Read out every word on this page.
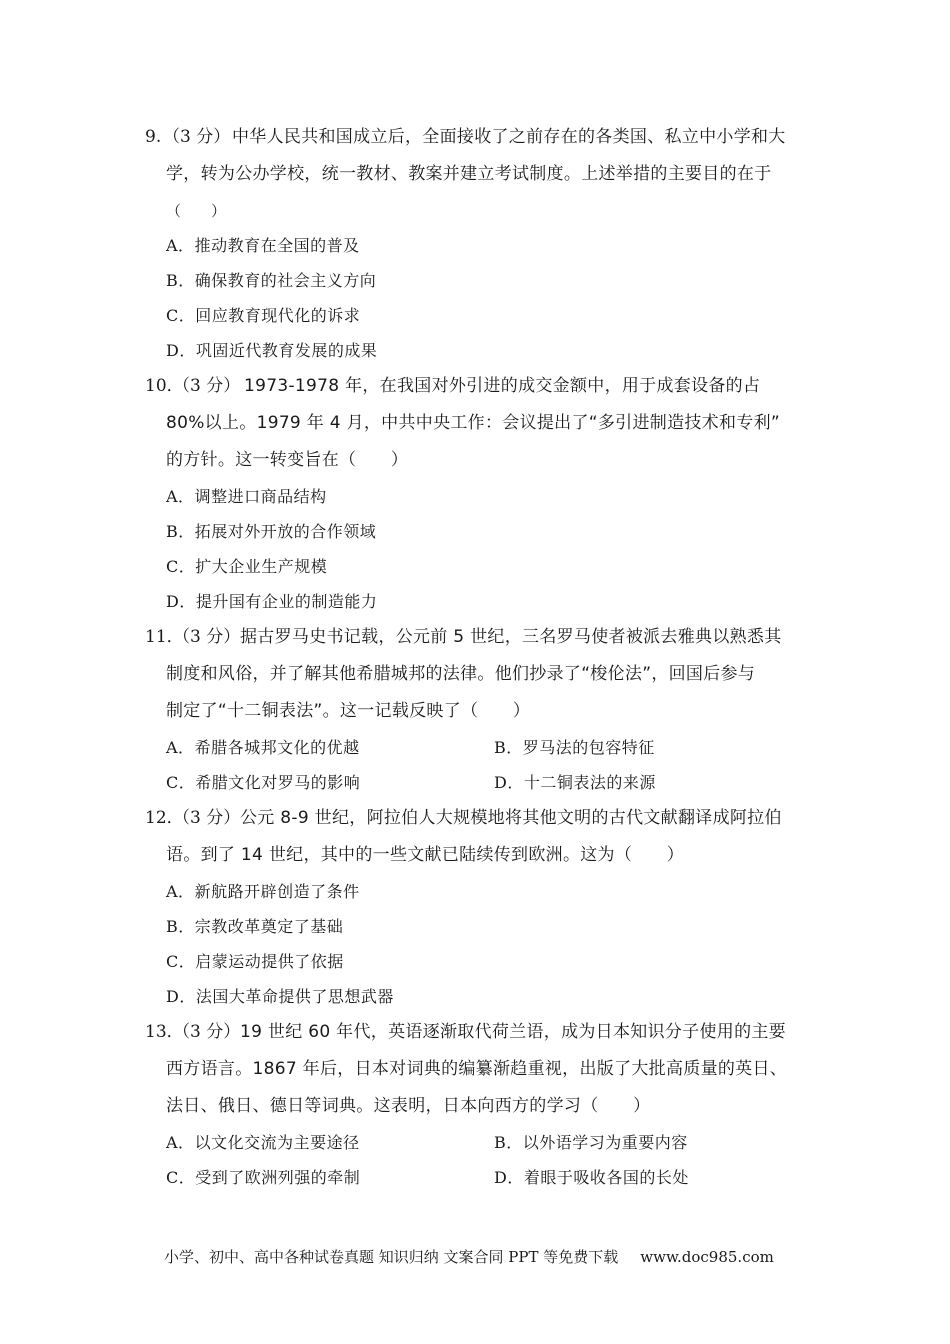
9. （3 分） 中华人民共和国成立后，全面接收了之前存在的各类国、私立中小学和大
学，转为公办学校，统一教材、教案并建立考试制度。上述举措的主要目的在于
（　　）
A．推动教育在全国的普及
B．确保教育的社会主义方向
C．回应教育现代化的诉求
D．巩固近代教育发展的成果
10．
（3 分） 1973-1978 年，在我国对外引进的成交金额中，用于成套设备的占
80%以上。1979 年 4 月，中共中央工作：会议提出了“多引进制造技术和专利”
的方针。这一转变旨在（　　）
A．调整进口商品结构
B．拓展对外开放的合作领域
C．扩大企业生产规模
D．提升国有企业的制造能力
11．
（3 分） 据古罗马史书记载，公元前 5 世纪，三名罗马使者被派去雅典以熟悉其
制度和风俗，并了解其他希腊城邦的法律。他们抄录了“梭伦法”，回国后参与
制定了“十二铜表法”。这一记载反映了（　　）
A．希腊各城邦文化的优越	B．罗马法的包容特征
C．希腊文化对罗马的影响	D．十二铜表法的来源
12．
（3 分） 公元 8-9 世纪，阿拉伯人大规模地将其他文明的古代文献翻译成阿拉伯
语。到了 14 世纪，其中的一些文献已陆续传到欧洲。这为（　　）
A．新航路开辟创造了条件
B．宗教改革奠定了基础
C．启蒙运动提供了依据
D．法国大革命提供了思想武器
13．
（3 分） 19 世纪 60 年代，英语逐渐取代荷兰语，成为日本知识分子使用的主要
西方语言。1867 年后，日本对词典的编纂渐趋重视，出版了大批高质量的英日、
法日、俄日、德日等词典。这表明，日本向西方的学习（　　）
A．以文化交流为主要途径	B．以外语学习为重要内容
C．受到了欧洲列强的牵制	D．着眼于吸收各国的长处
小学、初中、高中各种试卷真题 知识归纳 文案合同 PPT 等免费下载 www.doc985.com
